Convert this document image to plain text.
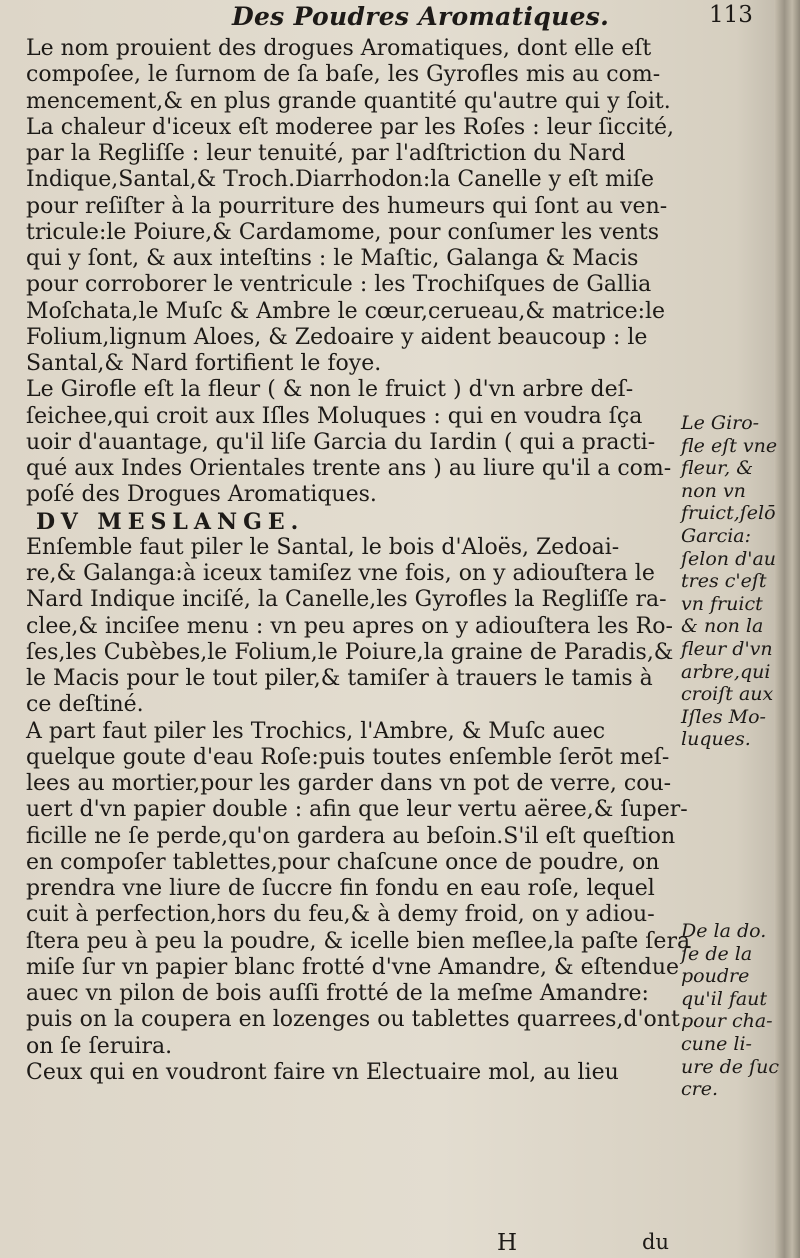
Des Poudres Aromatiques.	113
Le nom prouient des drogues Aromatiques, dont elle eſt
compoſee, le ſurnom de ſa baſe, les Gyrofles mis au com-
mencement,& en plus grande quantité qu'autre qui y ſoit.
La chaleur d'iceux eſt moderee par les Roſes : leur ſiccité,
par la Regliſſe : leur tenuité, par l'adſtriction du Nard
Indique,Santal,& Troch.Diarrhodon:la Canelle y eſt miſe
pour reſiſter à la pourriture des humeurs qui ſont au ven-
tricule:le Poiure,& Cardamome, pour conſumer les vents
qui y ſont, & aux inteſtins : le Maſtic, Galanga & Macis
pour corroborer le ventricule : les Trochiſques de Gallia
Moſchata,le Muſc & Ambre le cœur,cerueau,& matrice:le
Folium,lignum Aloes, & Zedoaire y aident beaucoup : le
Santal,& Nard fortifient le foye.
Le Girofle eſt la fleur ( & non le fruict ) d'vn arbre deſ-
ſeichee,qui croit aux Iſles Moluques : qui en voudra ſça
uoir d'auantage, qu'il liſe Garcia du Iardin ( qui a practi-
qué aux Indes Orientales trente ans ) au liure qu'il a com-
poſé des Drogues Aromatiques.
DV MESLANGE.
Enſemble faut piler le Santal, le bois d'Aloës, Zedoai-
re,& Galanga:à iceux tamiſez vne fois, on y adiouſtera le
Nard Indique inciſé, la Canelle,les Gyrofles la Regliſſe ra-
clee,& inciſee menu : vn peu apres on y adiouſtera les Ro-
ſes,les Cubèbes,le Folium,le Poiure,la graine de Paradis,&
le Macis pour le tout piler,& tamiſer à trauers le tamis à
ce deſtiné.
A part faut piler les Trochics, l'Ambre, & Muſc auec
quelque goute d'eau Roſe:puis toutes enſemble ſerōt meſ-
lees au mortier,pour les garder dans vn pot de verre, cou-
uert d'vn papier double : afin que leur vertu aëree,& ſuper-
ficille ne ſe perde,qu'on gardera au beſoin.S'il eſt queſtion
en compoſer tablettes,pour chaſcune once de poudre, on
prendra vne liure de ſuccre fin fondu en eau roſe, lequel
cuit à perfection,hors du feu,& à demy froid, on y adiou-
ſtera peu à peu la poudre, & icelle bien meſlee,la paſte ſera
miſe ſur vn papier blanc frotté d'vne Amandre, & eſtendue
auec vn pilon de bois auſſi frotté de la meſme Amandre:
puis on la coupera en lozenges ou tablettes quarrees,d'ont
on ſe ſeruira.
Ceux qui en voudront faire vn Electuaire mol, au lieu
Le Giro-
fle eſt vne
fleur, &
non vn
fruict,ſelō
Garcia:
ſelon d'au
tres c'eſt
vn fruict
& non la
fleur d'vn
arbre,qui
croiſt aux
Iſles Mo-
luques.
De la do.
ſe de la
poudre
qu'il faut
pour cha-
cune li-
ure de ſuc
cre.
H	du
